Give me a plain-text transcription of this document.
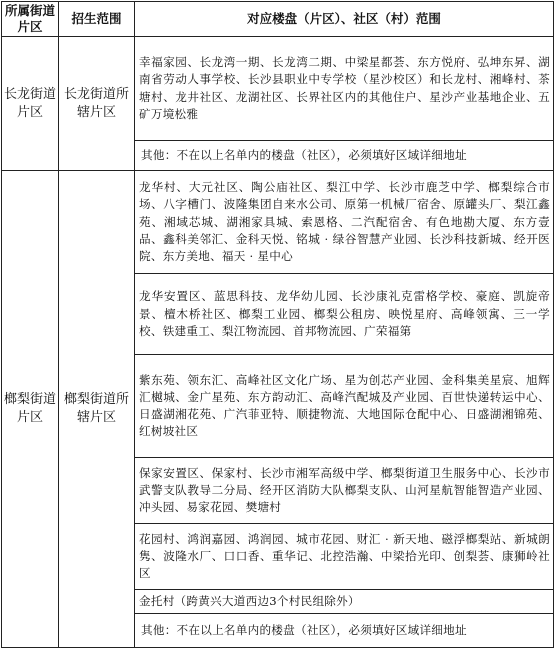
所属街道片区	招生范围	对应楼盘（片区）、社区（村）范围
长龙街道片区	长龙街道所辖片区	幸福家园、长龙湾一期、长龙湾二期、中梁星都荟、东方悦府、弘坤东昇、湖南省劳动人事学校、长沙县职业中专学校（星沙校区）和长龙村、湘峰村、茶塘村、龙井社区、龙湖社区、长界社区内的其他住户、星沙产业基地企业、五矿万境松雅
		其他：不在以上名单内的楼盘（社区），必须填好区域详细地址
榔梨街道片区	榔梨街道所辖片区	龙华村、大元社区、陶公庙社区、梨江中学、长沙市鹿芝中学、榔梨综合市场、八字槽门、波隆集团自来水公司、原第一机械厂宿舍、原罐头厂、梨江鑫苑、湘域芯城、湖湘家具城、索恩格、二汽配宿舍、有色地勘大厦、东方壹品、鑫科美邻汇、金科天悦、铭城 · 绿谷智慧产业园、长沙科技新城、经开医院、东方美地、福天 · 星中心
		龙华安置区、蓝思科技、龙华幼儿园、长沙康礼克雷格学校、豪庭、凯旋帝景、檀木桥社区、榔梨工业园、榔梨公租房、映悦星府、高峰领寓、三一学校、铁建重工、梨江物流园、首邦物流园、广荣福第
		紫东苑、领东汇、高峰社区文化广场、星为创芯产业园、金科集美星宸、旭辉汇樾城、金广星苑、东方韵动汇、高峰汽配城及产业园、百世快递转运中心、日盛湖湘花苑、广汽菲亚特、顺捷物流、大地国际仓配中心、日盛湖湘锦苑、红树坡社区
		保家安置区、保家村、长沙市湘军高级中学、榔梨街道卫生服务中心、长沙市武警支队教导二分局、经开区消防大队榔梨支队、山河星航智能智造产业园、冲头园、易家花园、樊塘村
		花园村、鸿润嘉园、鸿润园、城市花园、财汇 · 新天地、磁浮榔梨站、新城朗隽、波隆水厂、口口香、重华记、北控浩瀚、中梁拾光印、创梨荟、康狮岭社区
		金托村（跨黄兴大道西边3个村民组除外）
		其他：不在以上名单内的楼盘（社区），必须填好区域详细地址
